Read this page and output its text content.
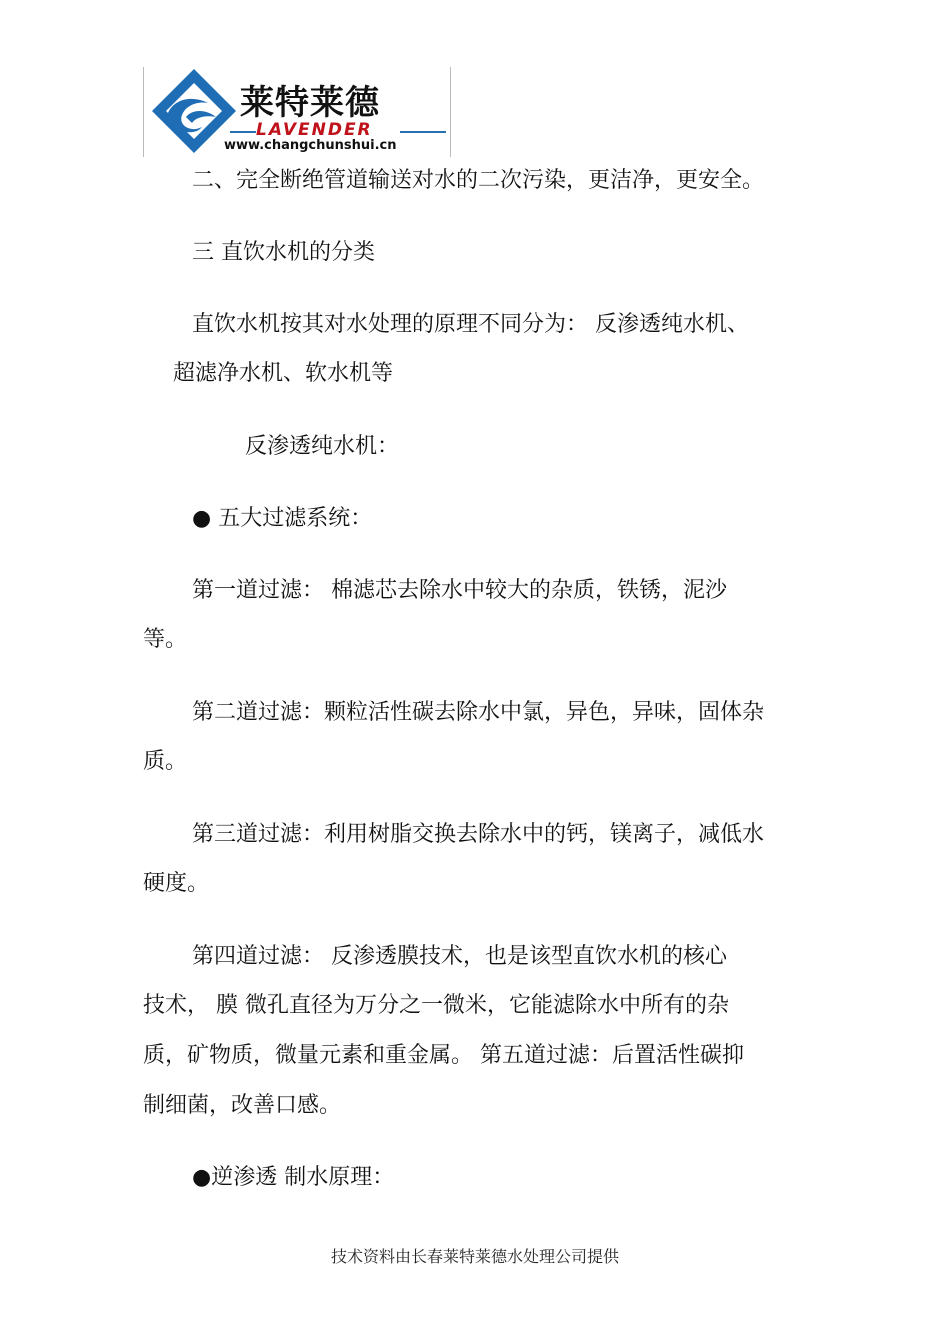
莱特莱德
LAVENDER
www.changchunshui.cn
二、完全断绝管道输送对水的二次污染，更洁净，更安全。
三 直饮水机的分类
直饮水机按其对水处理的原理不同分为： 反渗透纯水机、
超滤净水机、软水机等
反渗透纯水机：
● 五大过滤系统：
第一道过滤： 棉滤芯去除水中较大的杂质，铁锈，泥沙
等。
第二道过滤：颗粒活性碳去除水中氯，异色，异味，固体杂
质。
第三道过滤：利用树脂交换去除水中的钙，镁离子，减低水
硬度。
第四道过滤： 反渗透膜技术，也是该型直饮水机的核心
技术， 膜 微孔直径为万分之一微米，它能滤除水中所有的杂
质，矿物质，微量元素和重金属。 第五道过滤：后置活性碳抑
制细菌，改善口感。
●逆渗透 制水原理：
技术资料由长春莱特莱德水处理公司提供
